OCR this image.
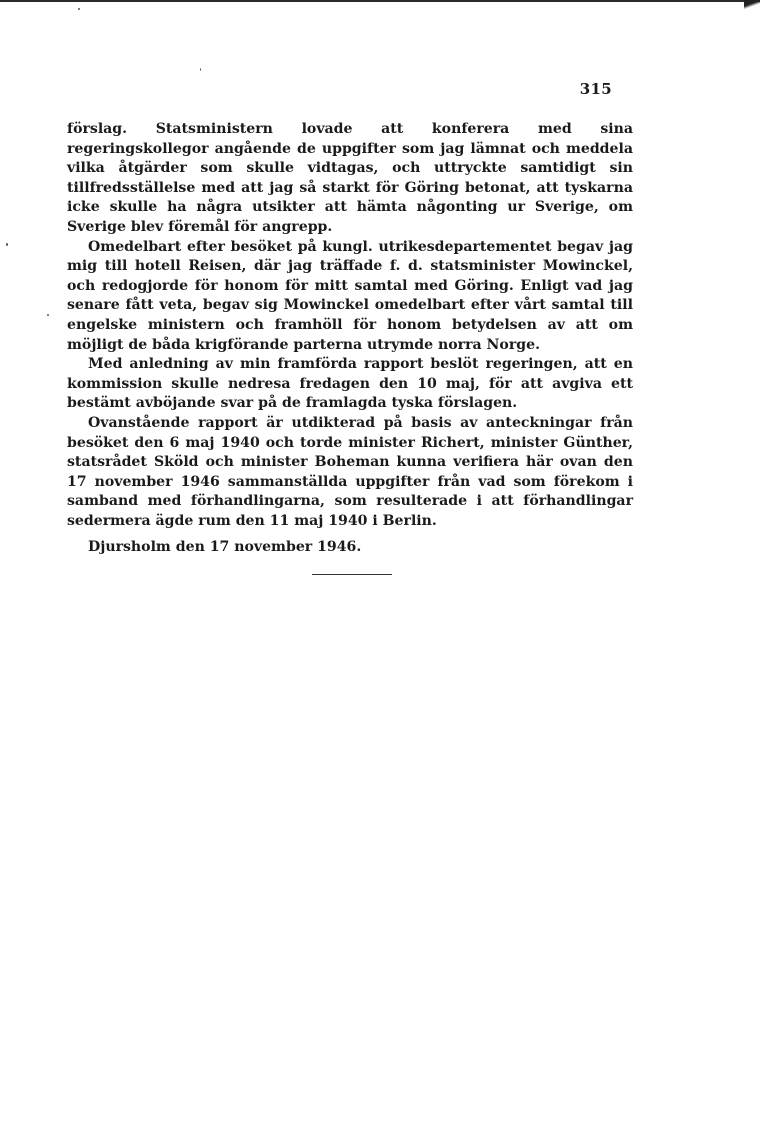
315

förslag. Statsministern lovade att konferera med sina regeringskollegor angående de uppgifter som jag lämnat och meddela vilka åtgärder som skulle vidtagas, och uttryckte samtidigt sin tillfredsställelse med att jag så starkt för Göring betonat, att tyskarna icke skulle ha några utsikter att hämta någonting ur Sverige, om Sverige blev föremål för angrepp.

Omedelbart efter besöket på kungl. utrikesdepartementet begav jag mig till hotell Reisen, där jag träffade f. d. statsminister Mowinckel, och redogjorde för honom för mitt samtal med Göring. Enligt vad jag senare fått veta, begav sig Mowinckel omedelbart efter vårt samtal till engelske ministern och framhöll för honom betydelsen av att om möjligt de båda krigförande parterna utrymde norra Norge.

Med anledning av min framförda rapport beslöt regeringen, att en kommission skulle nedresa fredagen den 10 maj, för att avgiva ett bestämt avböjande svar på de framlagda tyska förslagen.

Ovanstående rapport är utdikterad på basis av anteckningar från besöket den 6 maj 1940 och torde minister Richert, minister Günther, statsrådet Sköld och minister Boheman kunna verifiera här ovan den 17 november 1946 sammanställda uppgifter från vad som förekom i samband med förhandlingarna, som resulterade i att förhandlingar sedermera ägde rum den 11 maj 1940 i Berlin.

Djursholm den 17 november 1946.
